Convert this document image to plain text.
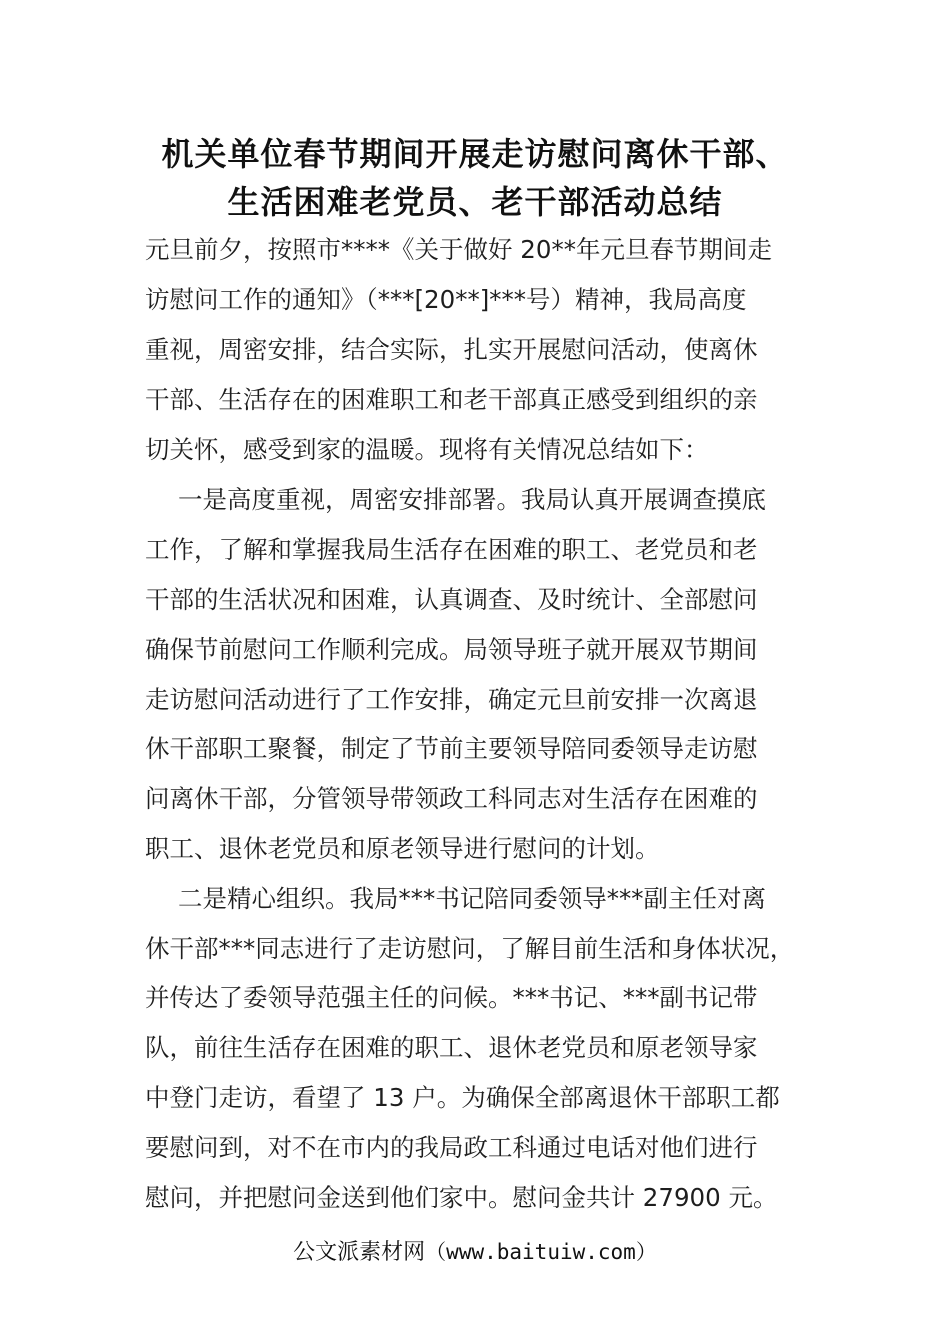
机关单位春节期间开展走访慰问离休干部、
生活困难老党员、老干部活动总结
元旦前夕，按照市****《关于做好 20**年元旦春节期间走
访慰问工作的通知》（***[20**]***号）精神，我局高度
重视，周密安排，结合实际，扎实开展慰问活动，使离休
干部、生活存在的困难职工和老干部真正感受到组织的亲
切关怀，感受到家的温暖。现将有关情况总结如下：
一是高度重视，周密安排部署。我局认真开展调查摸底
工作，了解和掌握我局生活存在困难的职工、老党员和老
干部的生活状况和困难，认真调查、及时统计、全部慰问
确保节前慰问工作顺利完成。局领导班子就开展双节期间
走访慰问活动进行了工作安排，确定元旦前安排一次离退
休干部职工聚餐，制定了节前主要领导陪同委领导走访慰
问离休干部，分管领导带领政工科同志对生活存在困难的
职工、退休老党员和原老领导进行慰问的计划。
二是精心组织。我局***书记陪同委领导***副主任对离
休干部***同志进行了走访慰问，了解目前生活和身体状况，
并传达了委领导范强主任的问候。***书记、***副书记带
队，前往生活存在困难的职工、退休老党员和原老领导家
中登门走访，看望了 13 户。为确保全部离退休干部职工都
要慰问到，对不在市内的我局政工科通过电话对他们进行
慰问，并把慰问金送到他们家中。慰问金共计 27900 元。
公文派素材网（www.baituiw.com）
